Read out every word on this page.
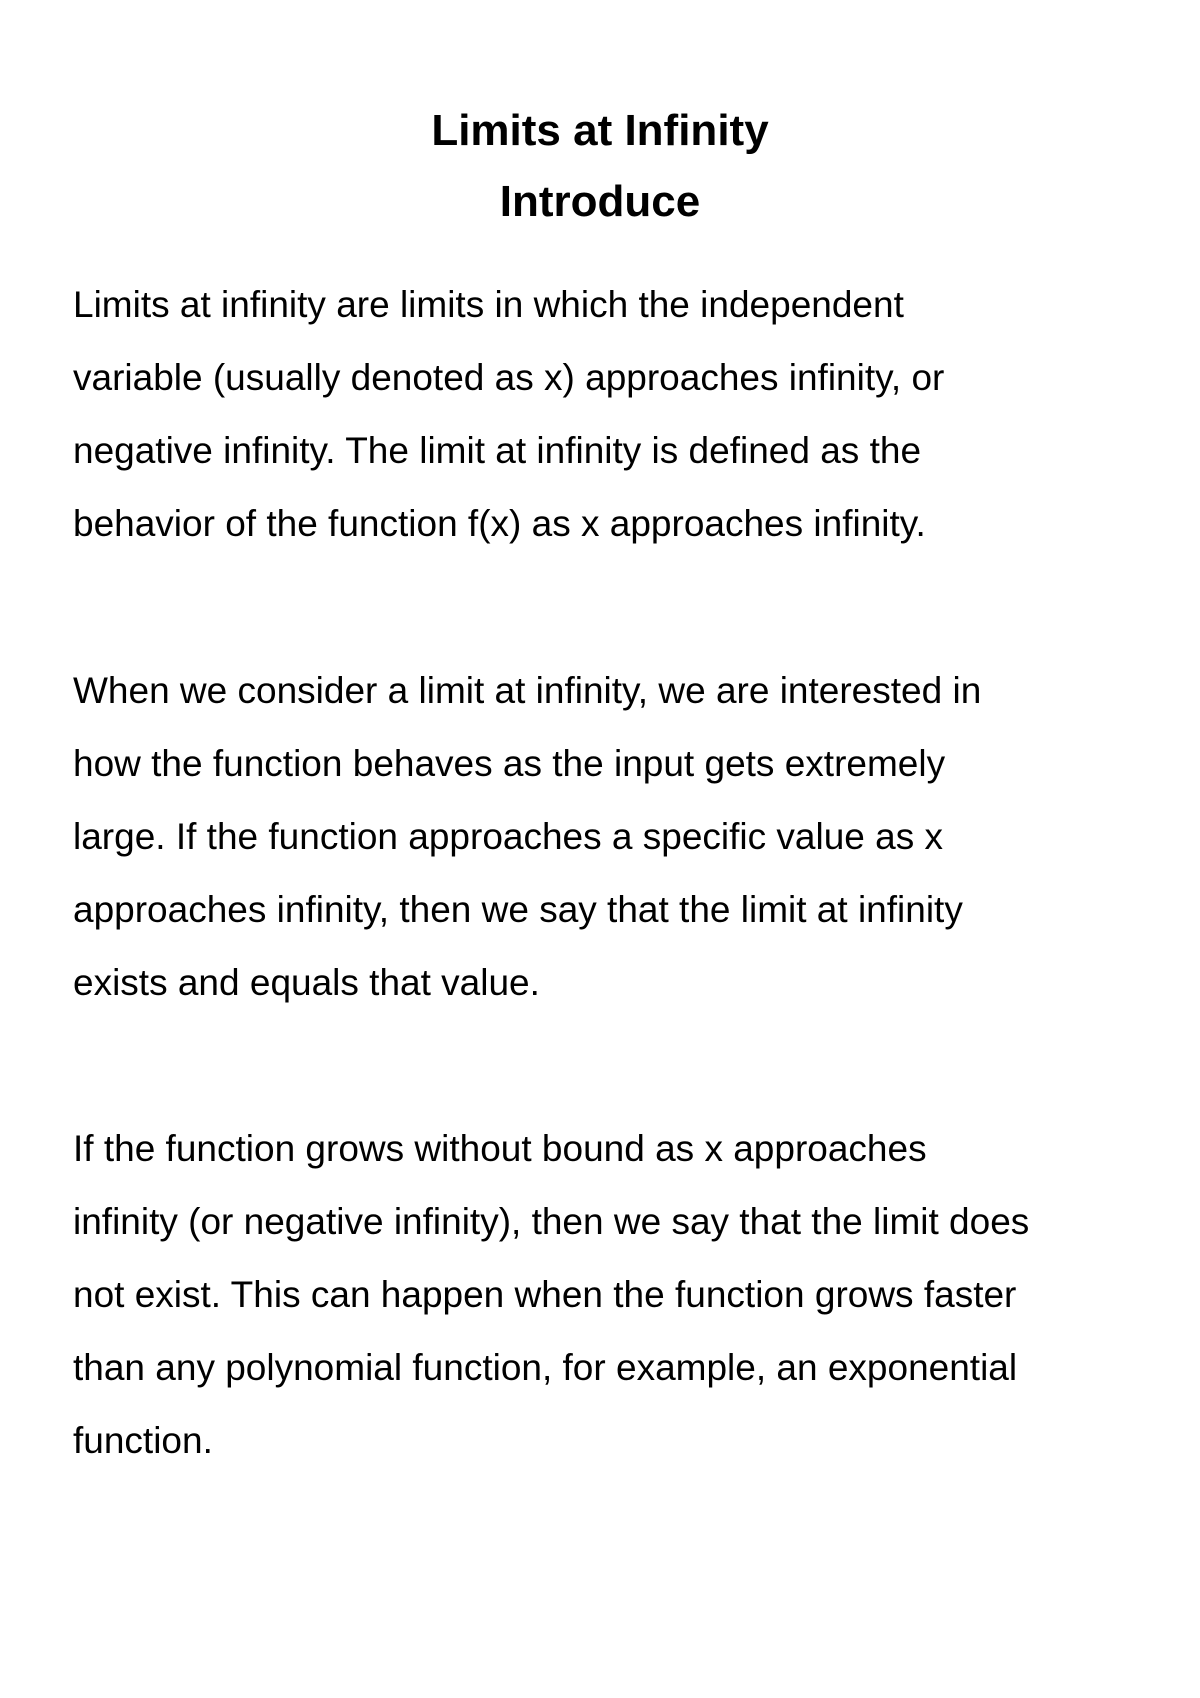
Limits at Infinity
Introduce

Limits at infinity are limits in which the independent
variable (usually denoted as x) approaches infinity, or
negative infinity. The limit at infinity is defined as the
behavior of the function f(x) as x approaches infinity.

When we consider a limit at infinity, we are interested in
how the function behaves as the input gets extremely
large. If the function approaches a specific value as x
approaches infinity, then we say that the limit at infinity
exists and equals that value.

If the function grows without bound as x approaches
infinity (or negative infinity), then we say that the limit does
not exist. This can happen when the function grows faster
than any polynomial function, for example, an exponential
function.
